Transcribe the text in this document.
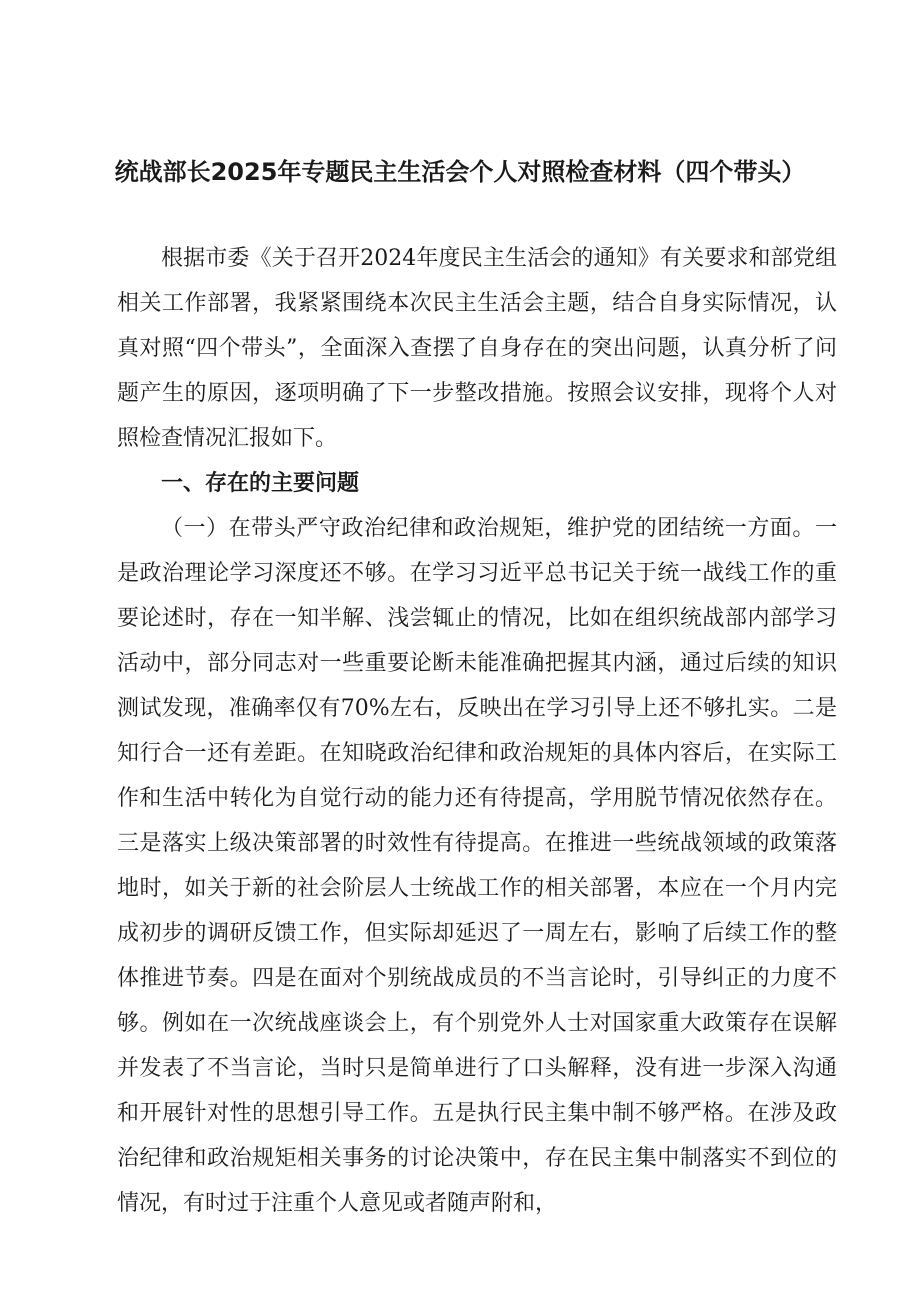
统战部长2025年专题民主生活会个人对照检查材料（四个带头）

根据市委《关于召开2024年度民主生活会的通知》有关要求和部党组相关工作部署，我紧紧围绕本次民主生活会主题，结合自身实际情况，认真对照“四个带头”，全面深入查摆了自身存在的突出问题，认真分析了问题产生的原因，逐项明确了下一步整改措施。按照会议安排，现将个人对照检查情况汇报如下。

一、存在的主要问题

（一）在带头严守政治纪律和政治规矩，维护党的团结统一方面。一是政治理论学习深度还不够。在学习习近平总书记关于统一战线工作的重要论述时，存在一知半解、浅尝辄止的情况，比如在组织统战部内部学习活动中，部分同志对一些重要论断未能准确把握其内涵，通过后续的知识测试发现，准确率仅有70%左右，反映出在学习引导上还不够扎实。二是知行合一还有差距。在知晓政治纪律和政治规矩的具体内容后，在实际工作和生活中转化为自觉行动的能力还有待提高，学用脱节情况依然存在。三是落实上级决策部署的时效性有待提高。在推进一些统战领域的政策落地时，如关于新的社会阶层人士统战工作的相关部署，本应在一个月内完成初步的调研反馈工作，但实际却延迟了一周左右，影响了后续工作的整体推进节奏。四是在面对个别统战成员的不当言论时，引导纠正的力度不够。例如在一次统战座谈会上，有个别党外人士对国家重大政策存在误解并发表了不当言论，当时只是简单进行了口头解释，没有进一步深入沟通和开展针对性的思想引导工作。五是执行民主集中制不够严格。在涉及政治纪律和政治规矩相关事务的讨论决策中，存在民主集中制落实不到位的情况，有时过于注重个人意见或者随声附和，
